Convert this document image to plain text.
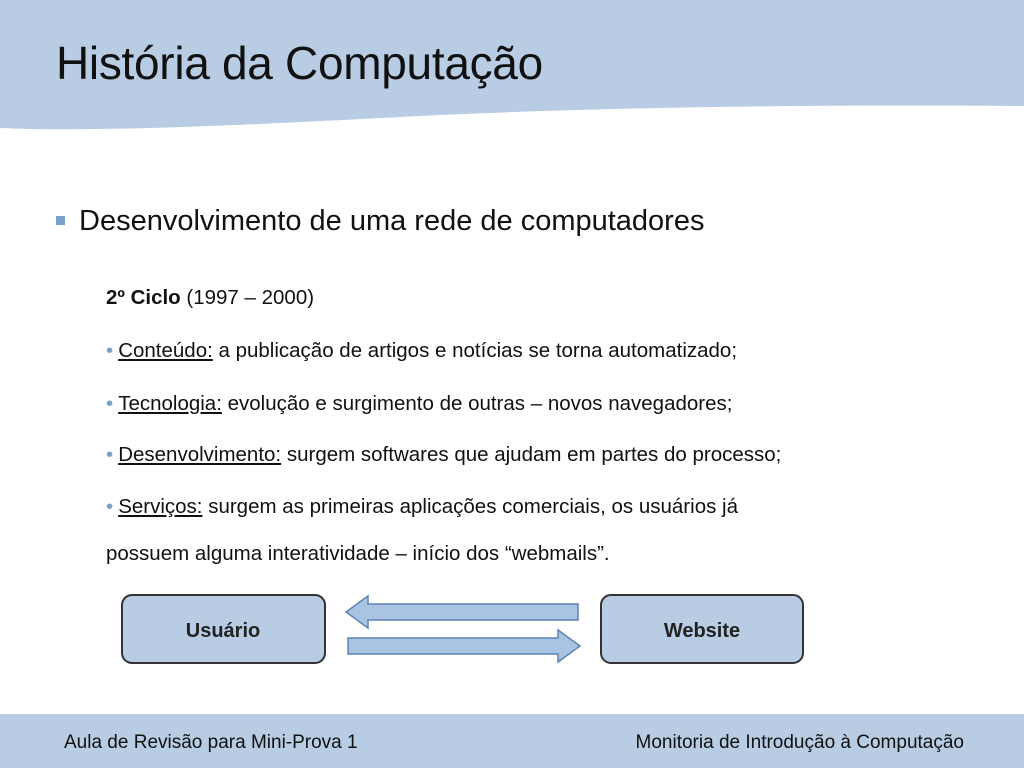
História da Computação
Desenvolvimento de uma rede de computadores
2º Ciclo (1997 – 2000)
• Conteúdo: a publicação de artigos e notícias se torna automatizado;
• Tecnologia: evolução e surgimento de outras – novos navegadores;
• Desenvolvimento: surgem softwares que ajudam em partes do processo;
• Serviços: surgem as primeiras aplicações comerciais, os usuários já
possuem alguma interatividade – início dos “webmails”.
Usuário	Website
Aula de Revisão para Mini-Prova 1	Monitoria de Introdução à Computação
